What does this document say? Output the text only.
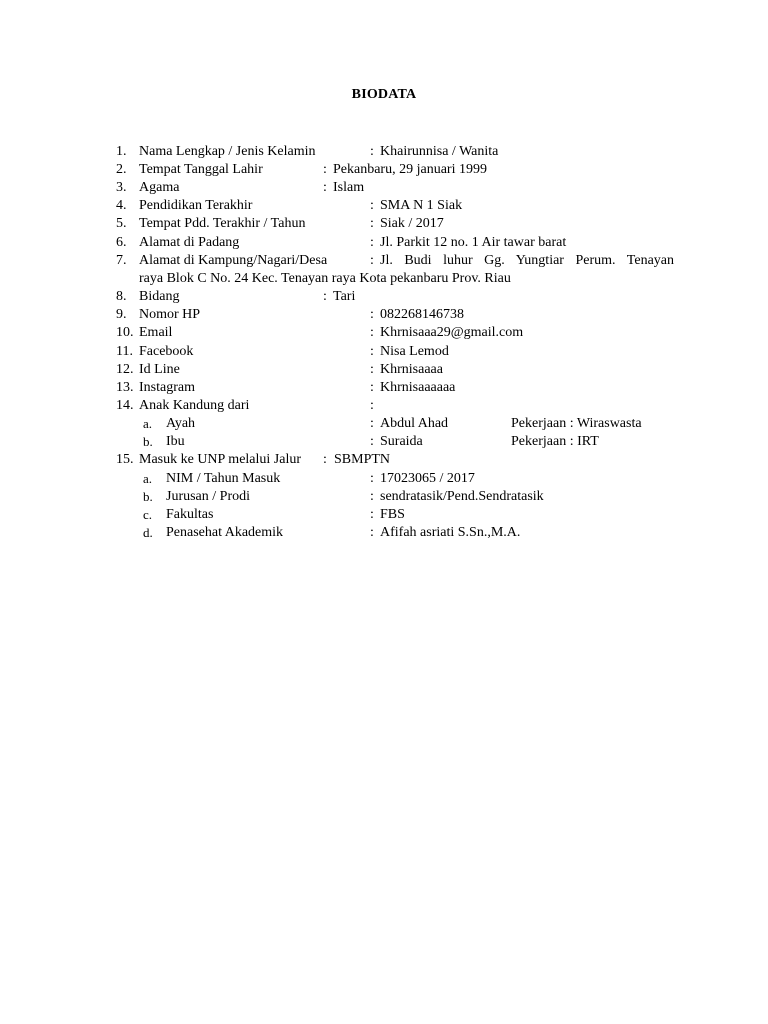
BIODATA
1. Nama Lengkap / Jenis Kelamin	: Khairunnisa / Wanita
2. Tempat Tanggal Lahir	: Pekanbaru, 29 januari 1999
3. Agama	: Islam
4. Pendidikan Terakhir	: SMA N 1 Siak
5. Tempat Pdd. Terakhir / Tahun	: Siak / 2017
6. Alamat di Padang	: Jl. Parkit 12 no. 1 Air tawar barat
7. Alamat di Kampung/Nagari/Desa	: Jl. Budi luhur Gg. Yungtiar Perum. Tenayan
raya Blok C No. 24 Kec. Tenayan raya Kota pekanbaru Prov. Riau
8. Bidang	: Tari
9. Nomor HP	: 082268146738
10. Email	: Khrnisaaa29@gmail.com
11. Facebook	: Nisa Lemod
12. Id Line	: Khrnisaaaa
13. Instagram	: Khrnisaaaaaa
14. Anak Kandung dari	:
a. Ayah	: Abdul Ahad	Pekerjaan : Wiraswasta
b. Ibu	: Suraida	Pekerjaan : IRT
15. Masuk ke UNP melalui Jalur : SBMPTN
a. NIM / Tahun Masuk	: 17023065 / 2017
b. Jurusan / Prodi	: sendratasik/Pend.Sendratasik
c. Fakultas	: FBS
d. Penasehat Akademik	: Afifah asriati S.Sn.,M.A.
